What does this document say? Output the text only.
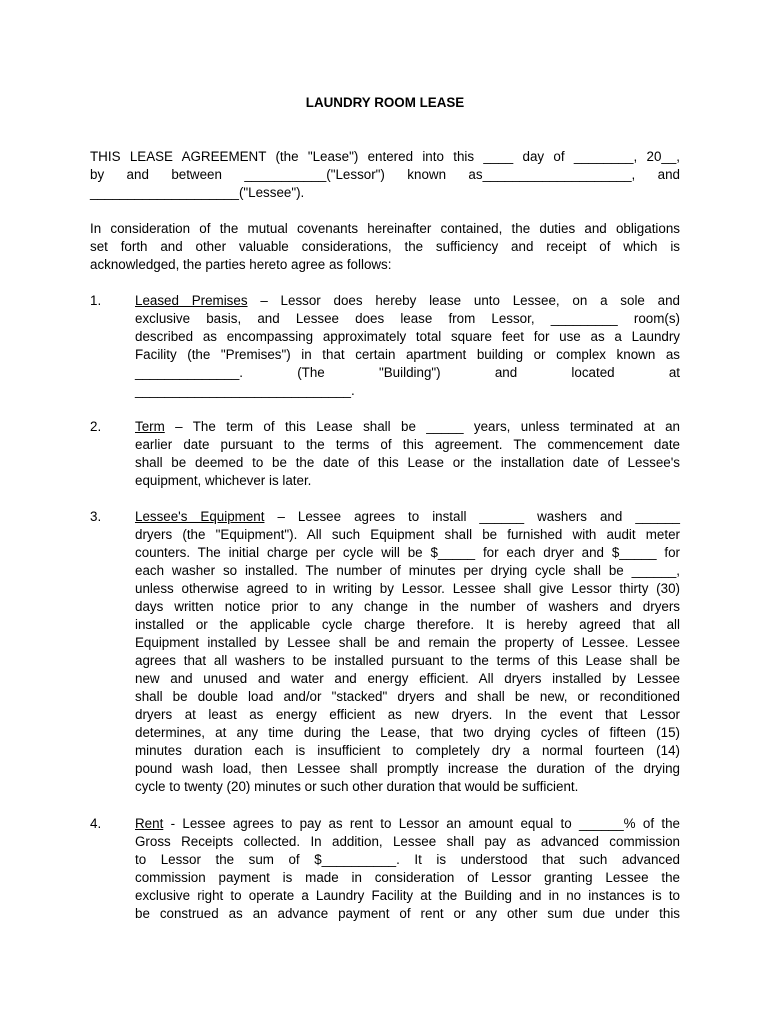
LAUNDRY ROOM LEASE
THIS LEASE AGREEMENT (the "Lease") entered into this ____ day of ________, 20__,
by and between ___________("Lessor") known as____________________, and
____________________("Lessee").
In consideration of the mutual covenants hereinafter contained, the duties and obligations
set forth and other valuable considerations, the sufficiency and receipt of which is
acknowledged, the parties hereto agree as follows:
1.	Leased Premises – Lessor does hereby lease unto Lessee, on a sole and
exclusive basis, and Lessee does lease from Lessor, _________ room(s)
described as encompassing approximately total square feet for use as a Laundry
Facility (the "Premises") in that certain apartment building or complex known as
______________. (The "Building") and located at
_____________________________.
2.	Term – The term of this Lease shall be _____ years, unless terminated at an
earlier date pursuant to the terms of this agreement. The commencement date
shall be deemed to be the date of this Lease or the installation date of Lessee's
equipment, whichever is later.
3.	Lessee's Equipment – Lessee agrees to install ______ washers and ______
dryers (the "Equipment"). All such Equipment shall be furnished with audit meter
counters. The initial charge per cycle will be $_____ for each dryer and $_____ for
each washer so installed. The number of minutes per drying cycle shall be ______,
unless otherwise agreed to in writing by Lessor. Lessee shall give Lessor thirty (30)
days written notice prior to any change in the number of washers and dryers
installed or the applicable cycle charge therefore. It is hereby agreed that all
Equipment installed by Lessee shall be and remain the property of Lessee. Lessee
agrees that all washers to be installed pursuant to the terms of this Lease shall be
new and unused and water and energy efficient. All dryers installed by Lessee
shall be double load and/or "stacked" dryers and shall be new, or reconditioned
dryers at least as energy efficient as new dryers. In the event that Lessor
determines, at any time during the Lease, that two drying cycles of fifteen (15)
minutes duration each is insufficient to completely dry a normal fourteen (14)
pound wash load, then Lessee shall promptly increase the duration of the drying
cycle to twenty (20) minutes or such other duration that would be sufficient.
4.	Rent - Lessee agrees to pay as rent to Lessor an amount equal to ______% of the
Gross Receipts collected. In addition, Lessee shall pay as advanced commission
to Lessor the sum of $__________. It is understood that such advanced
commission payment is made in consideration of Lessor granting Lessee the
exclusive right to operate a Laundry Facility at the Building and in no instances is to
be construed as an advance payment of rent or any other sum due under this
